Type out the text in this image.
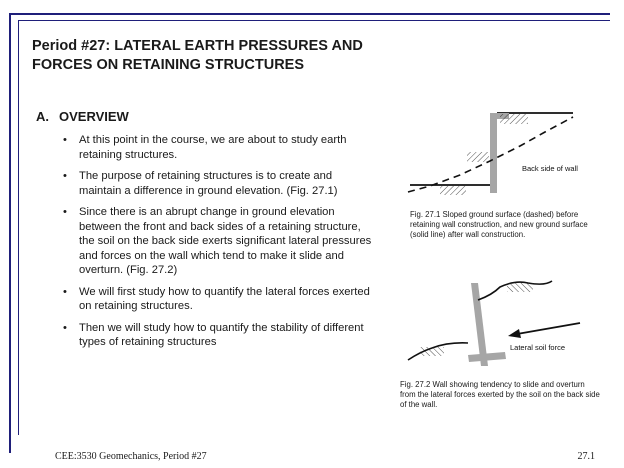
Period #27: LATERAL EARTH PRESSURES AND
FORCES ON RETAINING STRUCTURES
A. OVERVIEW
• At this point in the course, we are about to study earth retaining structures.
• The purpose of retaining structures is to create and maintain a difference in ground elevation. (Fig. 27.1)
• Since there is an abrupt change in ground elevation between the front and back sides of a retaining structure, the soil on the back side exerts significant lateral pressures and forces on the wall which tend to make it slide and overturn. (Fig. 27.2)
• We will first study how to quantify the lateral forces exerted on retaining structures.
• Then we will study how to quantify the stability of different types of retaining structures
Back side of wall
Lateral soil force
Fig. 27.1 Sloped ground surface (dashed) before retaining wall construction, and new ground surface (solid line) after wall construction.
Fig. 27.2 Wall showing tendency to slide and overturn from the lateral forces exerted by the soil on the back side of the wall.
CEE:3530 Geomechanics, Period #27	27.1
